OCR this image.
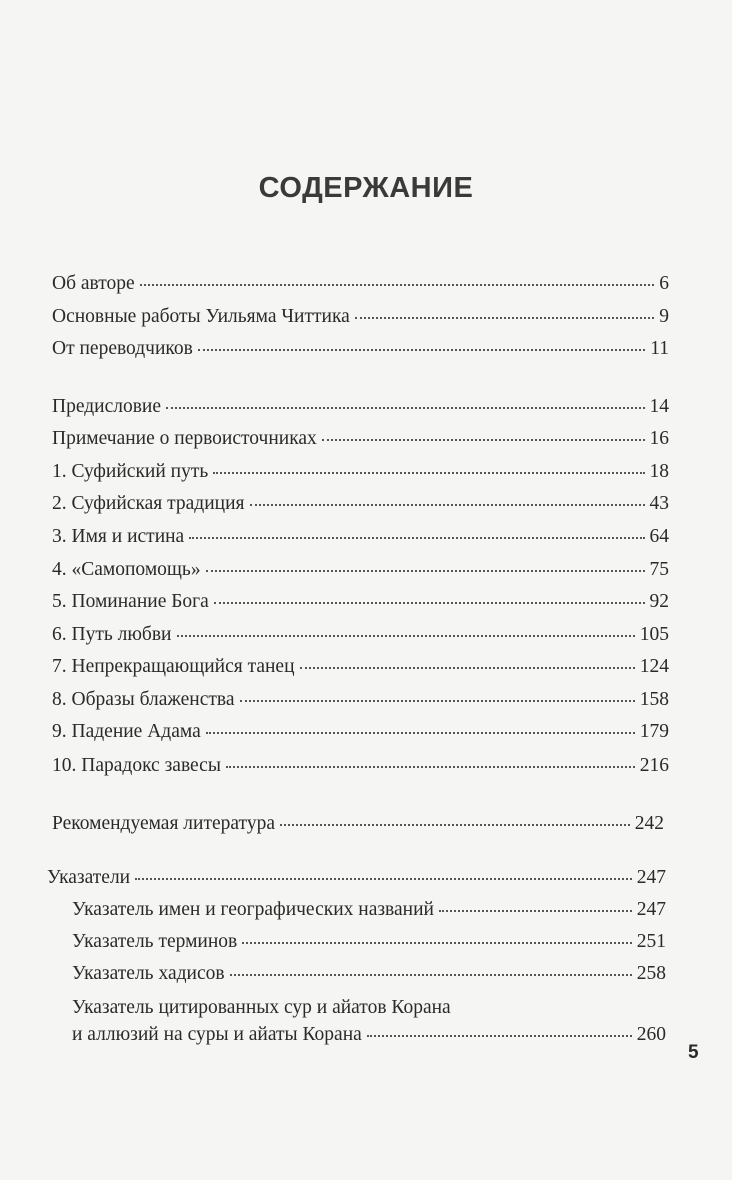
СОДЕРЖАНИЕ
Об авторе	6
Основные работы Уильяма Читтика	9
От переводчиков	11
Предисловие	14
Примечание о первоисточниках	16
1. Суфийский путь	18
2. Суфийская традиция	43
3. Имя и истина	64
4. «Самопомощь»	75
5. Поминание Бога	92
6. Путь любви	105
7. Непрекращающийся танец	124
8. Образы блаженства	158
9. Падение Адама	179
10. Парадокс завесы	216
Рекомендуемая литература	242
Указатели	247
Указатель имен и географических названий	247
Указатель терминов	251
Указатель хадисов	258
Указатель цитированных сур и айатов Корана
и аллюзий на суры и айаты Корана	260
5
